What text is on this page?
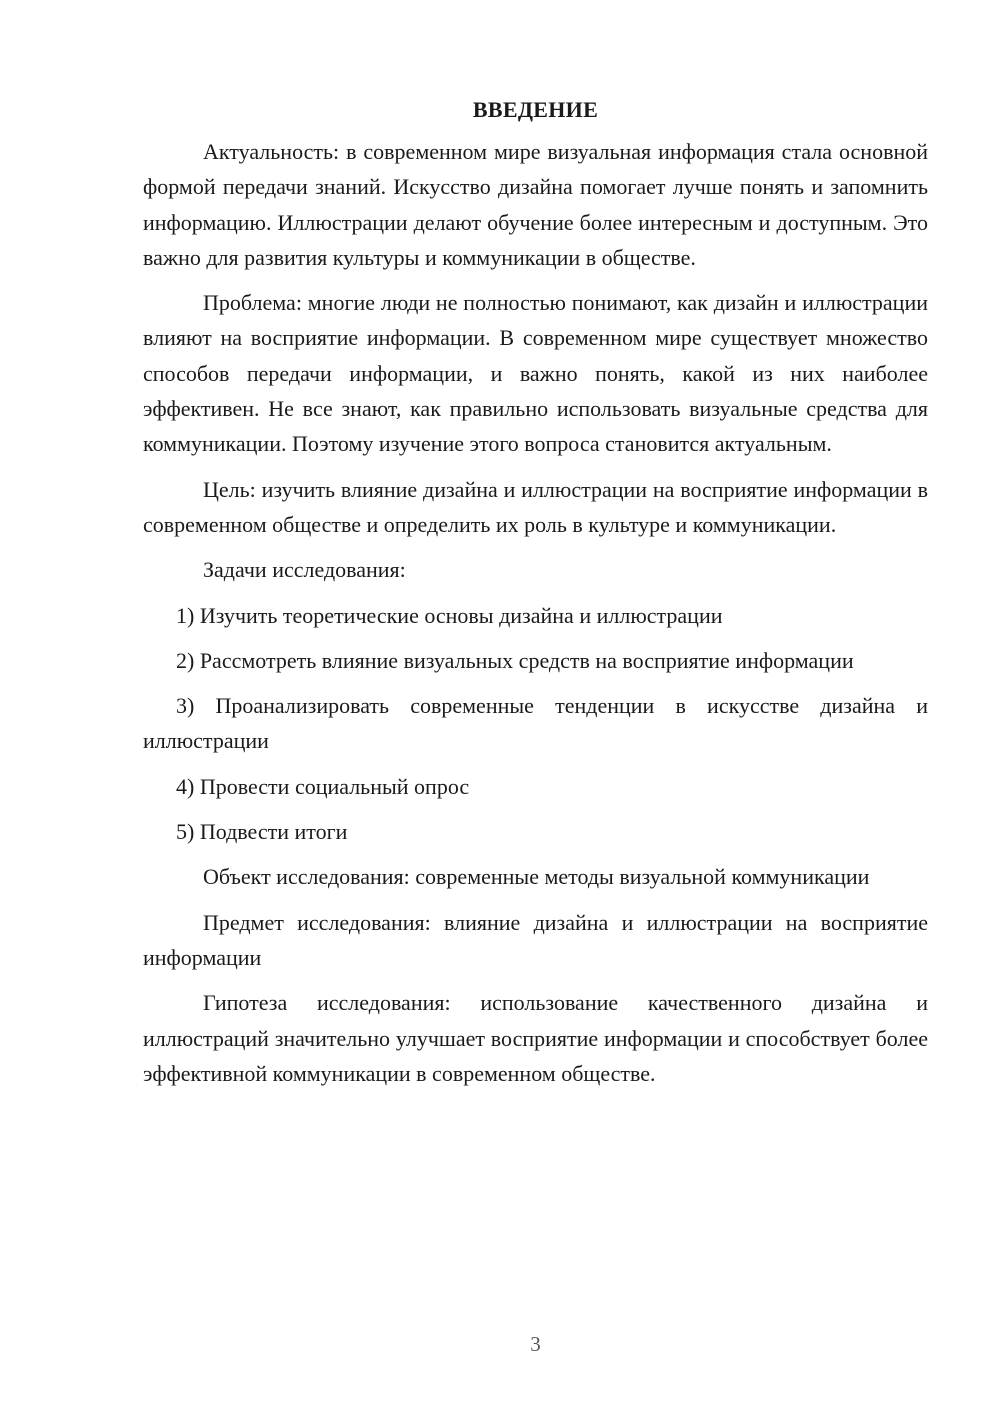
ВВЕДЕНИЕ

Актуальность: в современном мире визуальная информация стала основной формой передачи знаний. Искусство дизайна помогает лучше понять и запомнить информацию. Иллюстрации делают обучение более интересным и доступным. Это важно для развития культуры и коммуникации в обществе.

Проблема: многие люди не полностью понимают, как дизайн и иллюстрации влияют на восприятие информации. В современном мире существует множество способов передачи информации, и важно понять, какой из них наиболее эффективен. Не все знают, как правильно использовать визуальные средства для коммуникации. Поэтому изучение этого вопроса становится актуальным.

Цель: изучить влияние дизайна и иллюстрации на восприятие информации в современном обществе и определить их роль в культуре и коммуникации.

Задачи исследования:

1) Изучить теоретические основы дизайна и иллюстрации

2) Рассмотреть влияние визуальных средств на восприятие информации

3) Проанализировать современные тенденции в искусстве дизайна и иллюстрации

4) Провести социальный опрос

5) Подвести итоги

Объект исследования: современные методы визуальной коммуникации

Предмет исследования: влияние дизайна и иллюстрации на восприятие информации

Гипотеза исследования: использование качественного дизайна и иллюстраций значительно улучшает восприятие информации и способствует более эффективной коммуникации в современном обществе.

3
